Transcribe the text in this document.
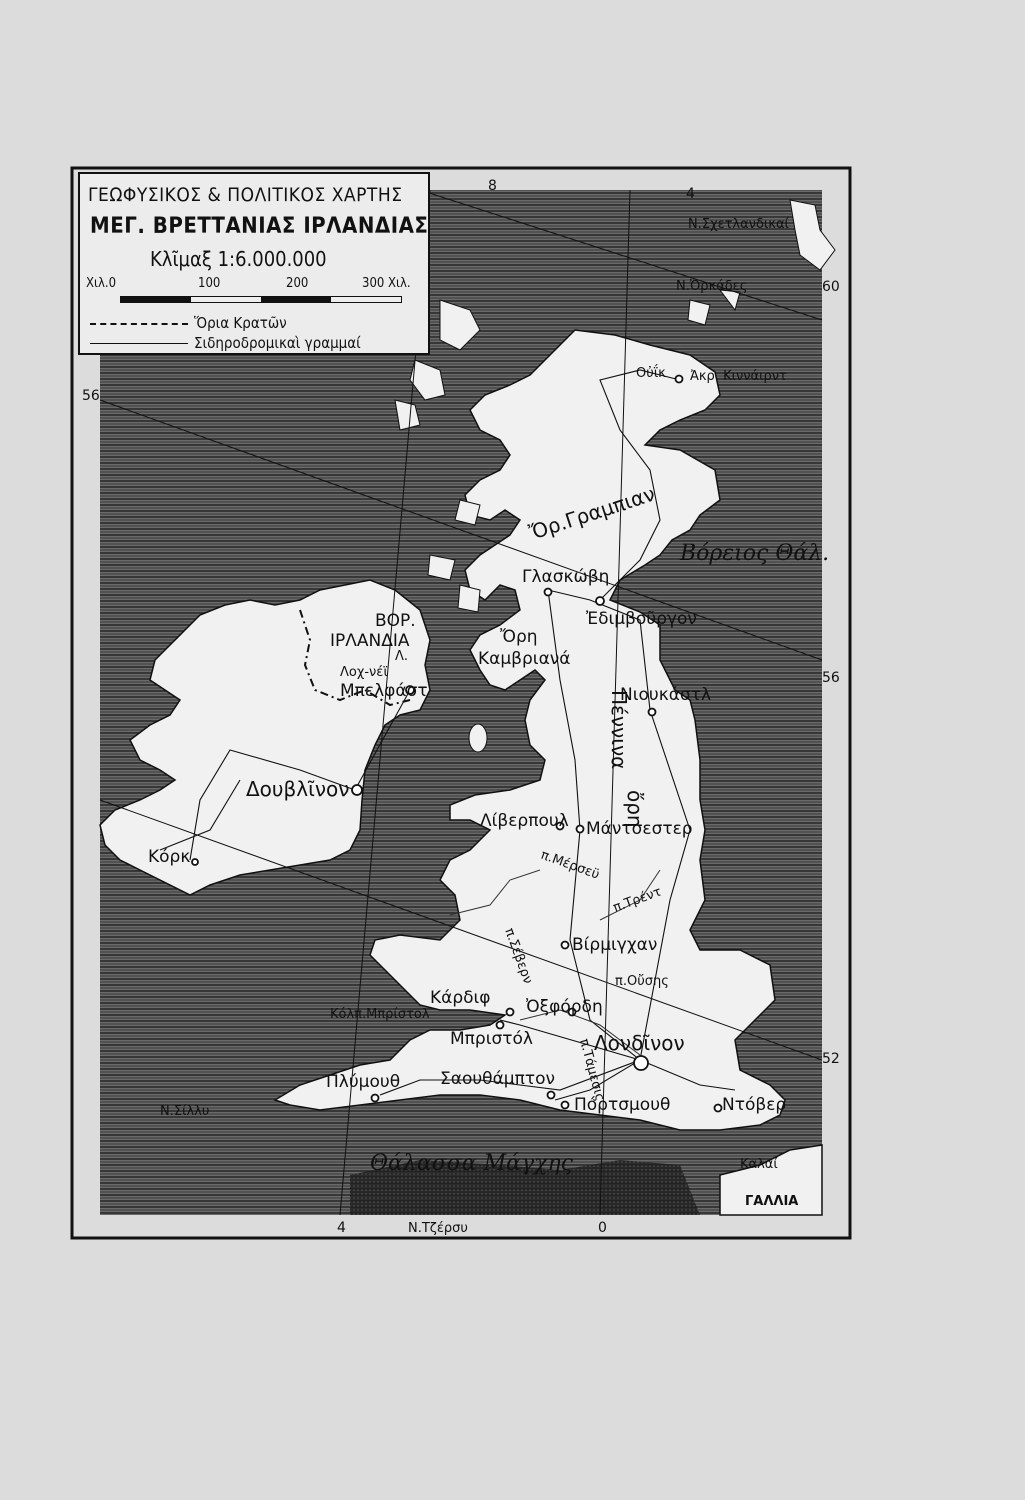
8	4
60
56
56
52
4	0
Ν.Σχετλανδικαί
Ν.Ὀρκάδες
Οὐΐκ Ἀκρ. Κιννάιρντ
Ὄρ.Γραμπιαν
Βόρειος Θάλ.
Γλασκώβη
Ἐδιμβοῦργον
Ὄρη
Καμβριανά
ΒΟΡ.
ΙΡΛΑΝΔΙΑ
Λ.
Λοχ-νέϊ
Μπελφάστ	Νιουκάστλ
Πέννινα
ὄρη
Δουβλῖνον
Κόρκ
Λίβερπουλ Μάντσεστερ
π.Μέρσεϋ
π.Τρέντ
π.Σέβερν Βίρμιγχαν
π.Οὔσης
Κάρδιφ Ὀξφόρδη
Κόλπ.Μπρίστολ
Μπριστόλ	π.Τάμεσις
Λονδῖνον
Πλύμουθ Σαουθάμπτον
Πόρτσμουθ	Ντόβερ
Ν.Σίλλυ
Θάλασσα Μάγχης	Καλαί
ΓΑΛΛΙΑ
Ν.Τζέρσυ
ΓΕΩΦΥΣΙΚΟΣ & ΠΟΛΙΤΙΚΟΣ ΧΑΡΤΗΣ
ΜΕΓ. ΒΡΕΤΤΑΝΙΑΣ ΙΡΛΑΝΔΙΑΣ
Κλῖμαξ 1:6.000.000
Χιλ.0	100	200	300 Χιλ.
Ὅρια Κρατῶν
Σιδηροδρομικαὶ γραμμαί
